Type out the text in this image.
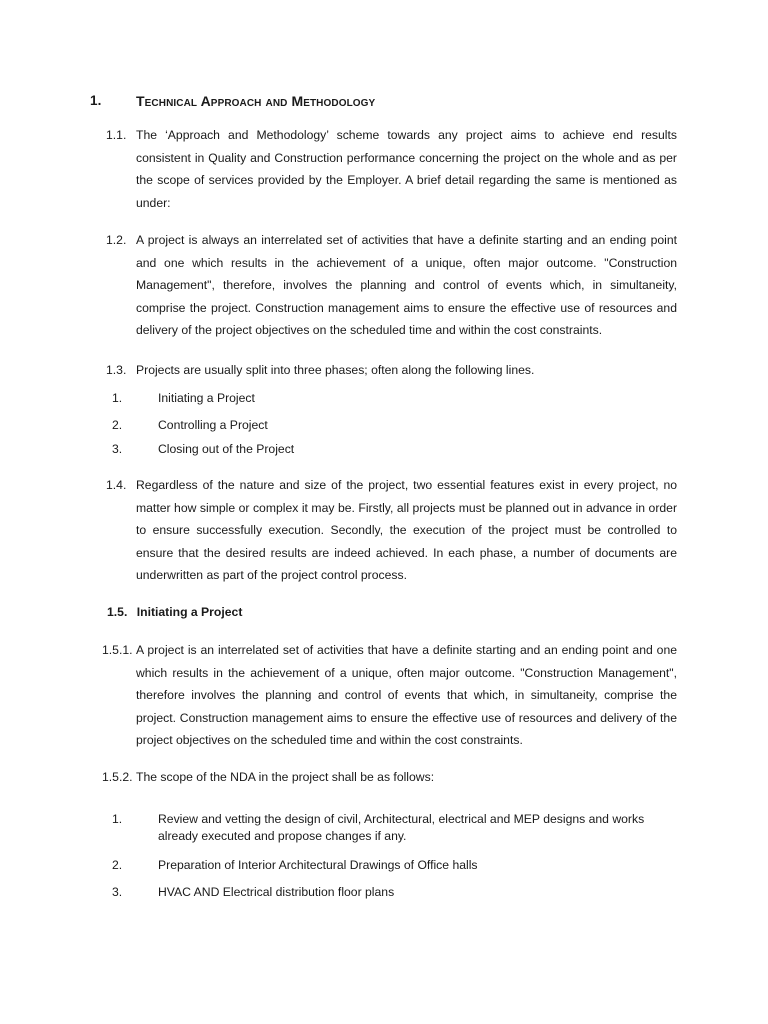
1. Technical Approach and Methodology
1.1. The ‘Approach and Methodology’ scheme towards any project aims to achieve end results consistent in Quality and Construction performance concerning the project on the whole and as per the scope of services provided by the Employer. A brief detail regarding the same is mentioned as under:
1.2. A project is always an interrelated set of activities that have a definite starting and an ending point and one which results in the achievement of a unique, often major outcome. "Construction Management", therefore, involves the planning and control of events which, in simultaneity, comprise the project. Construction management aims to ensure the effective use of resources and delivery of the project objectives on the scheduled time and within the cost constraints.
1.3. Projects are usually split into three phases; often along the following lines.
1.	Initiating a Project
2.	Controlling a Project
3.	Closing out of the Project
1.4. Regardless of the nature and size of the project, two essential features exist in every project, no matter how simple or complex it may be. Firstly, all projects must be planned out in advance in order to ensure successfully execution. Secondly, the execution of the project must be controlled to ensure that the desired results are indeed achieved. In each phase, a number of documents are underwritten as part of the project control process.
1.5. Initiating a Project
1.5.1. A project is an interrelated set of activities that have a definite starting and an ending point and one which results in the achievement of a unique, often major outcome. "Construction Management", therefore involves the planning and control of events that which, in simultaneity, comprise the project. Construction management aims to ensure the effective use of resources and delivery of the project objectives on the scheduled time and within the cost constraints.
1.5.2. The scope of the NDA in the project shall be as follows:
1.	Review and vetting the design of civil, Architectural, electrical and MEP designs and works already executed and propose changes if any.
2.	Preparation of Interior Architectural Drawings of Office halls
3.	HVAC AND Electrical distribution floor plans
